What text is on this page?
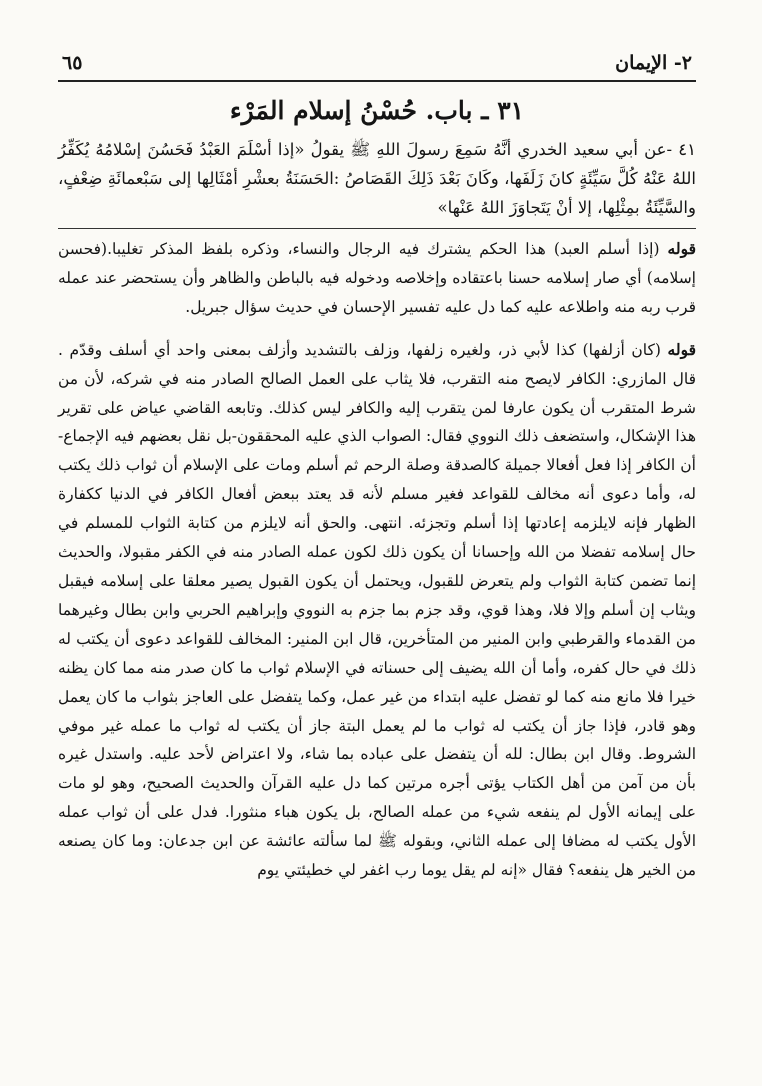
٢- الإيمان
٦٥
٣١ ـ باب. حُسْنُ إسلام المَرْء
٤١ -عن أبي سعيد الخدري أنَّهُ سَمِعَ رسولَ اللهِ ﷺ يقولُ «إذا أسْلَمَ العَبْدُ فَحَسُنَ إسْلامُهُ يُكَفِّرُ اللهُ عَنْهُ كُلَّ سَيِّئَةٍ كانَ زَلَفَها، وكَانَ بَعْدَ ذَلِكَ القَصَاصُ :الحَسَنَةُ بعشْرِ أمْثَالِها إلى سَبْعمائَةِ ضِعْفٍ، والسَّيِّئَةُ بمِثْلِها، إلا أنْ يَتَجاوَزَ اللهُ عَنْها»

قوله (إذا أسلم العبد) هذا الحكم يشترك فيه الرجال والنساء، وذكره بلفظ المذكر تغليبا.(فحسن إسلامه) أي صار إسلامه حسنا باعتقاده وإخلاصه ودخوله فيه بالباطن والظاهر وأن يستحضر عند عمله قرب ربه منه واطلاعه عليه كما دل عليه تفسير الإحسان في حديث سؤال جبريل.

قوله (كان أزلفها) كذا لأبي ذر، ولغيره زلفها، وزلف بالتشديد وأزلف بمعنى واحد أي أسلف وقدّم . قال المازري: الكافر لايصح منه التقرب، فلا يثاب على العمل الصالح الصادر منه في شركه، لأن من شرط المتقرب أن يكون عارفا لمن يتقرب إليه والكافر ليس كذلك. وتابعه القاضي عياض على تقرير هذا الإشكال، واستضعف ذلك النووي فقال: الصواب الذي عليه المحققون-بل نقل بعضهم فيه الإجماع- أن الكافر إذا فعل أفعالا جميلة كالصدقة وصلة الرحم ثم أسلم ومات على الإسلام أن ثواب ذلك يكتب له، وأما دعوى أنه مخالف للقواعد فغير مسلم لأنه قد يعتد ببعض أفعال الكافر في الدنيا ككفارة الظهار فإنه لايلزمه إعادتها إذا أسلم وتجزئه. انتهى. والحق أنه لايلزم من كتابة الثواب للمسلم في حال إسلامه تفضلا من الله وإحسانا أن يكون ذلك لكون عمله الصادر منه في الكفر مقبولا، والحديث إنما تضمن كتابة الثواب ولم يتعرض للقبول، ويحتمل أن يكون القبول يصير معلقا على إسلامه فيقبل ويثاب إن أسلم وإلا فلا، وهذا قوي، وقد جزم بما جزم به النووي وإبراهيم الحربي وابن بطال وغيرهما من القدماء والقرطبي وابن المنير من المتأخرين، قال ابن المنير: المخالف للقواعد دعوى أن يكتب له ذلك في حال كفره، وأما أن الله يضيف إلى حسناته في الإسلام ثواب ما كان صدر منه مما كان يظنه خيرا فلا مانع منه كما لو تفضل عليه ابتداء من غير عمل، وكما يتفضل على العاجز بثواب ما كان يعمل وهو قادر، فإذا جاز أن يكتب له ثواب ما لم يعمل البتة جاز أن يكتب له ثواب ما عمله غير موفي الشروط. وقال ابن بطال: لله أن يتفضل على عباده بما شاء، ولا اعتراض لأحد عليه. واستدل غيره بأن من آمن من أهل الكتاب يؤتى أجره مرتين كما دل عليه القرآن والحديث الصحيح، وهو لو مات على إيمانه الأول لم ينفعه شيء من عمله الصالح، بل يكون هباء منثورا. فدل على أن ثواب عمله الأول يكتب له مضافا إلى عمله الثاني، وبقوله ﷺ لما سألته عائشة عن ابن جدعان: وما كان يصنعه من الخير هل ينفعه؟ فقال «إنه لم يقل يوما رب اغفر لي خطيئتي يوم
